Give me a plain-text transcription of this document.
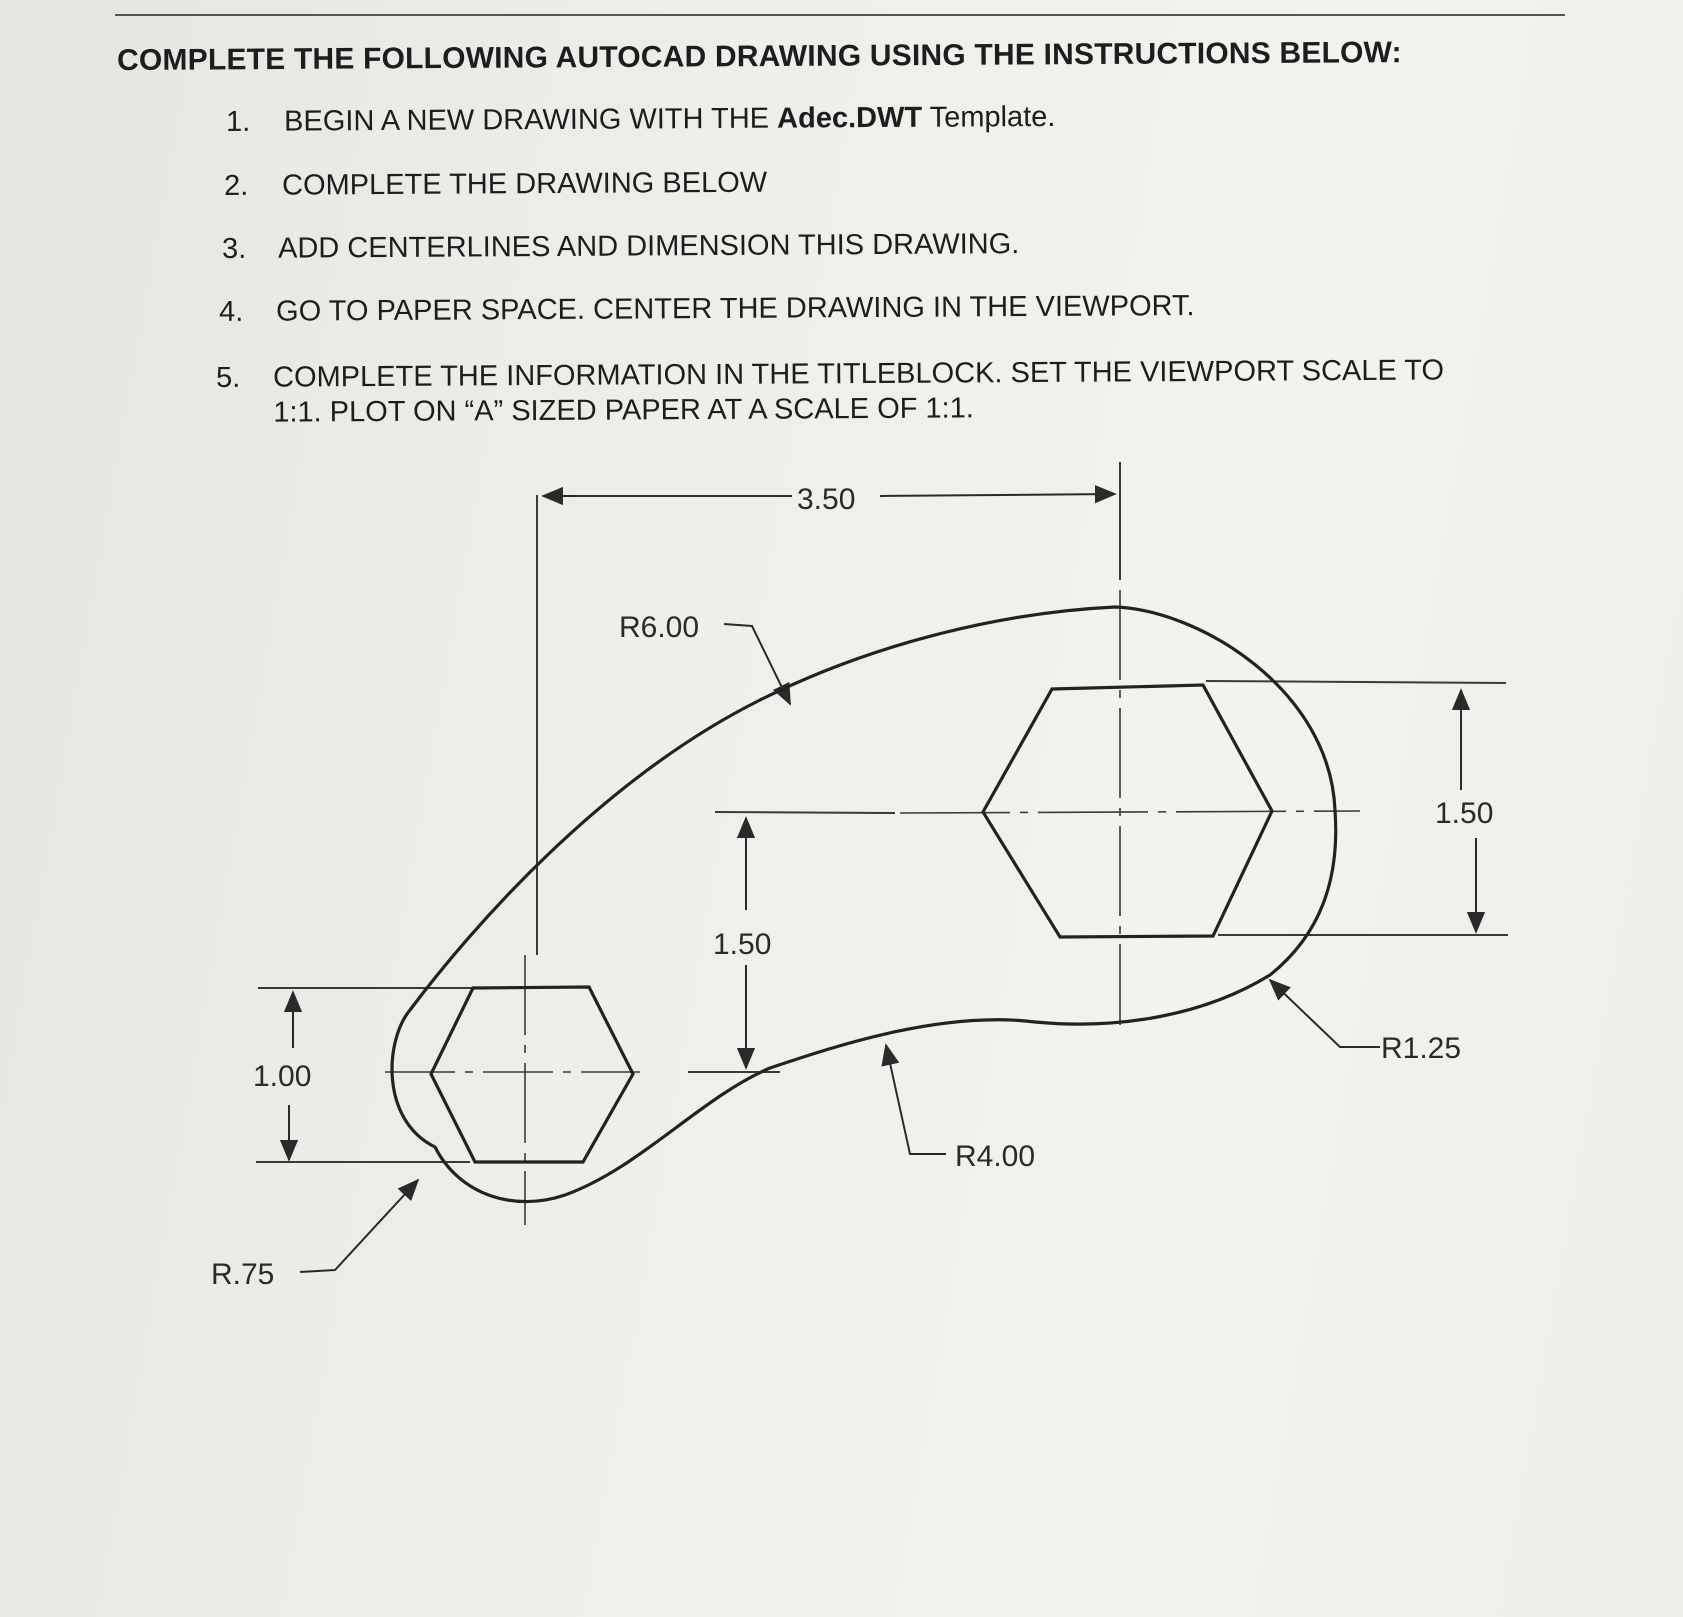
COMPLETE THE FOLLOWING AUTOCAD DRAWING USING THE INSTRUCTIONS BELOW:
1. BEGIN A NEW DRAWING WITH THE Adec.DWT Template.
2. COMPLETE THE DRAWING BELOW
3. ADD CENTERLINES AND DIMENSION THIS DRAWING.
4. GO TO PAPER SPACE. CENTER THE DRAWING IN THE VIEWPORT.
5. COMPLETE THE INFORMATION IN THE TITLEBLOCK. SET THE VIEWPORT SCALE TO
1:1. PLOT ON “A” SIZED PAPER AT A SCALE OF 1:1.
3.50
R6.00
1.50
1.50
1.00
R1.25
R4.00
R.75
